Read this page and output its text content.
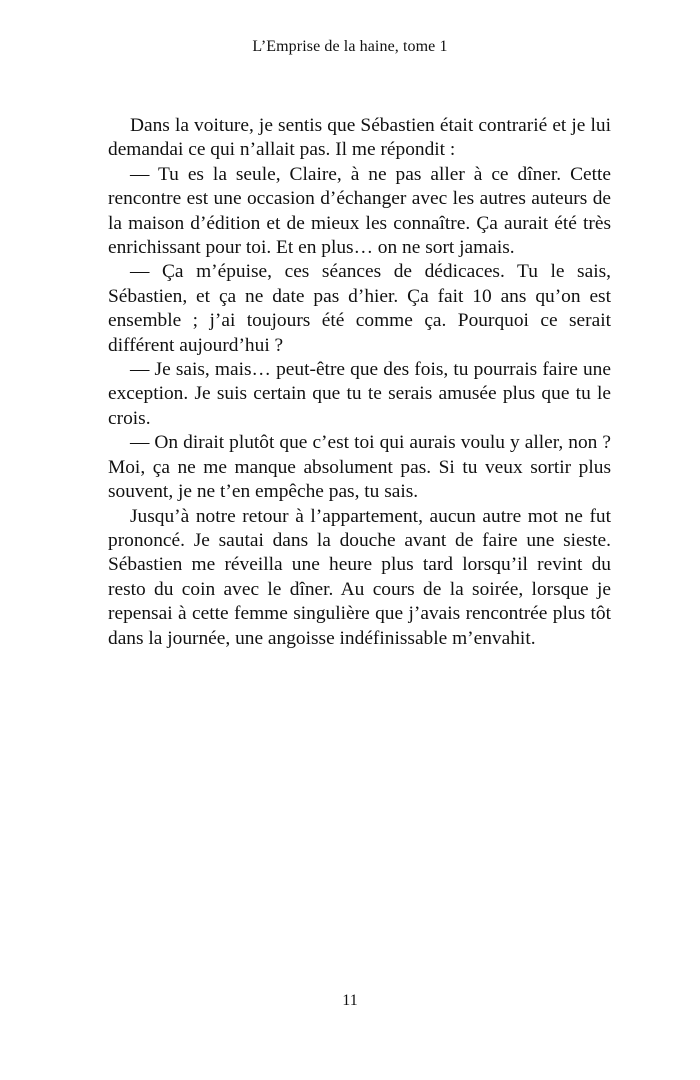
L’Emprise de la haine, tome 1

Dans la voiture, je sentis que Sébastien était contrarié et je lui demandai ce qui n’allait pas. Il me répondit :

— Tu es la seule, Claire, à ne pas aller à ce dîner. Cette rencontre est une occasion d’échanger avec les autres auteurs de la maison d’édition et de mieux les connaître. Ça aurait été très enrichissant pour toi. Et en plus… on ne sort jamais.

— Ça m’épuise, ces séances de dédicaces. Tu le sais, Sébastien, et ça ne date pas d’hier. Ça fait 10 ans qu’on est ensemble ; j’ai toujours été comme ça. Pourquoi ce serait différent aujourd’hui ?

— Je sais, mais… peut-être que des fois, tu pourrais faire une exception. Je suis certain que tu te serais amusée plus que tu le crois.

— On dirait plutôt que c’est toi qui aurais voulu y aller, non ? Moi, ça ne me manque absolument pas. Si tu veux sortir plus souvent, je ne t’en empêche pas, tu sais.

Jusqu’à notre retour à l’appartement, aucun autre mot ne fut prononcé. Je sautai dans la douche avant de faire une sieste. Sébastien me réveilla une heure plus tard lorsqu’il revint du resto du coin avec le dîner. Au cours de la soirée, lorsque je repensai à cette femme singulière que j’avais rencontrée plus tôt dans la journée, une angoisse indéfinissable m’envahit.

11
